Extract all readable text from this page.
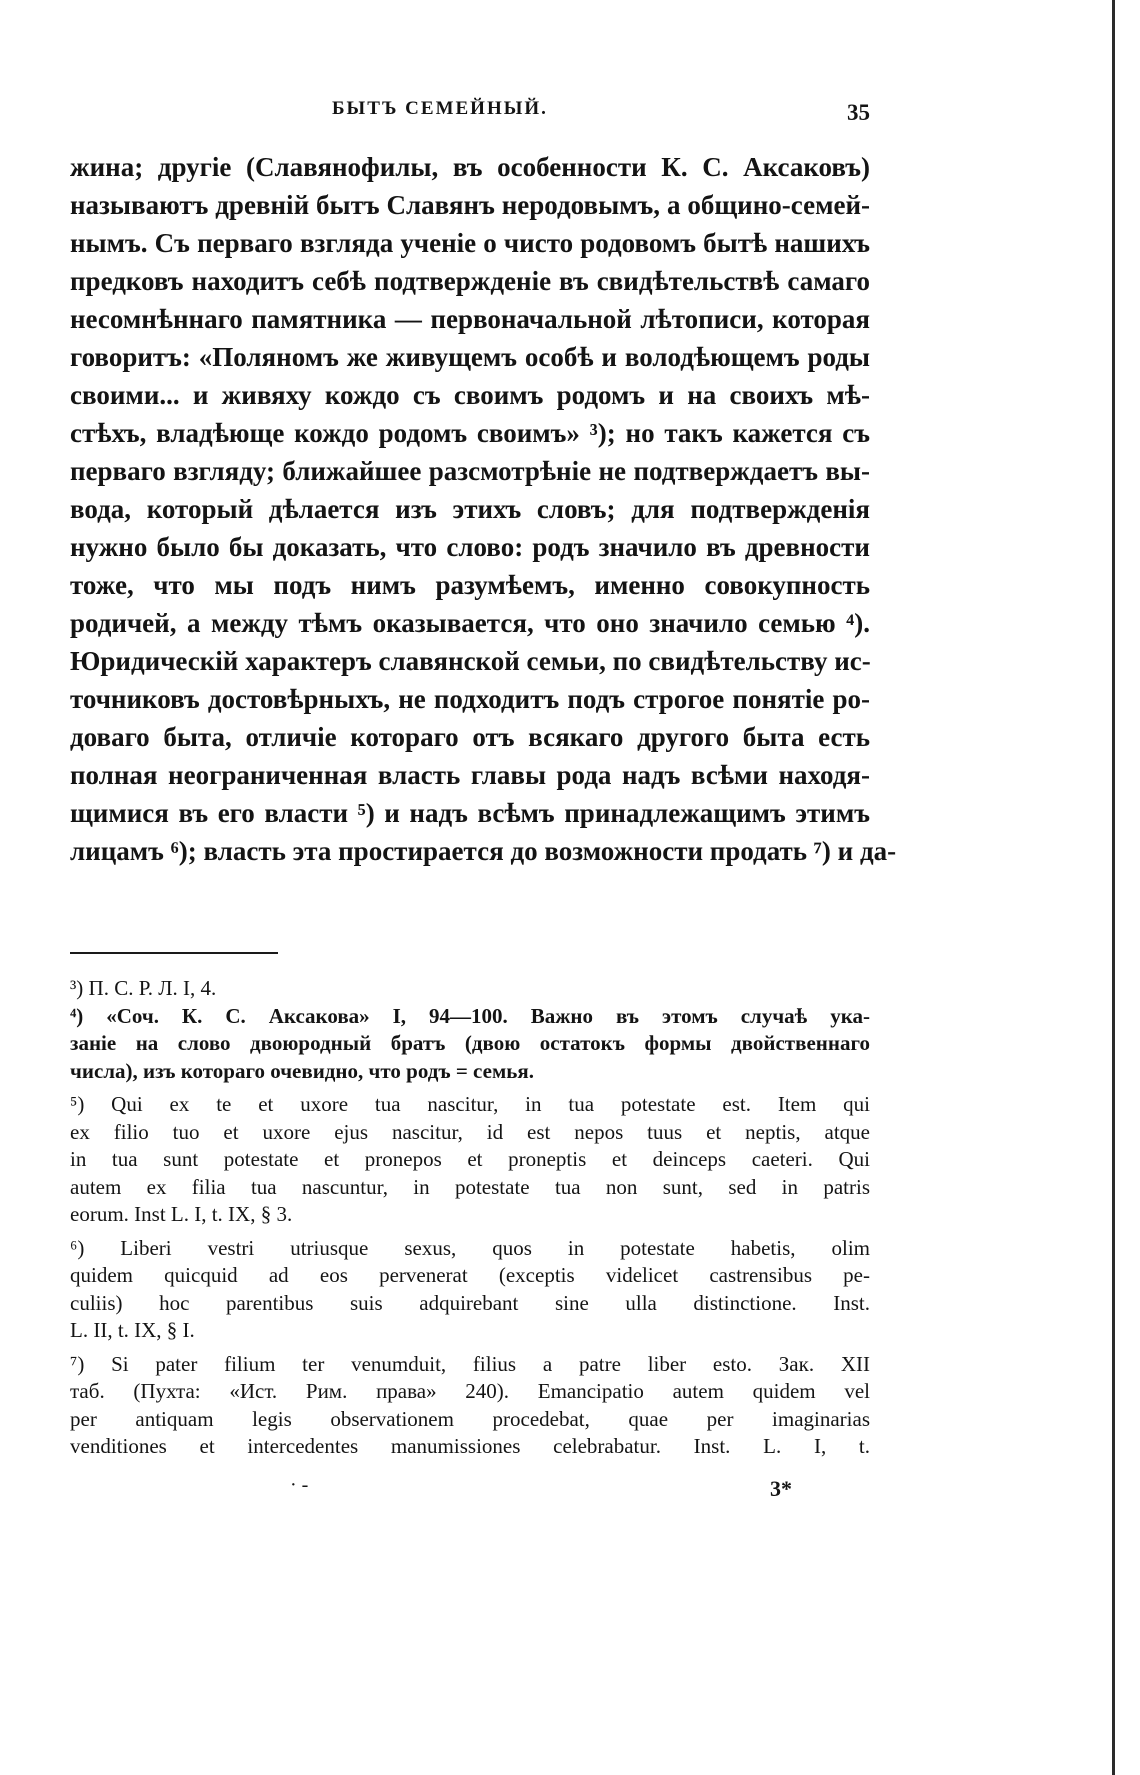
БЫТЪ СЕМЕЙНЫЙ.	35
жина; другіе (Славянофилы, въ особенности К. С. Аксаковъ)
называютъ древній бытъ Славянъ неродовымъ, а общино-семей-
нымъ. Съ перваго взгляда ученіе о чисто родовомъ бытѣ нашихъ
предковъ находитъ себѣ подтвержденіе въ свидѣтельствѣ самаго
несомнѣннаго памятника — первоначальной лѣтописи, которая
говоритъ: «Поляномъ же живущемъ особѣ и володѣющемъ роды
своими... и живяху кождо съ своимъ родомъ и на своихъ мѣ-
стѣхъ, владѣюще кождо родомъ своимъ» ³); но такъ кажется съ
перваго взгляду; ближайшее разсмотрѣніе не подтверждаетъ вы-
вода, который дѣлается изъ этихъ словъ; для подтвержденія
нужно было бы доказать, что слово: родъ значило въ древности
тоже, что мы подъ нимъ разумѣемъ, именно совокупность
родичей, а между тѣмъ оказывается, что оно значило семью ⁴).
Юридическій характеръ славянской семьи, по свидѣтельству ис-
точниковъ достовѣрныхъ, не подходитъ подъ строгое понятіе ро-
доваго быта, отличіе котораго отъ всякаго другого быта есть
полная неограниченная власть главы рода надъ всѣми находя-
щимися въ его власти ⁵) и надъ всѣмъ принадлежащимъ этимъ
лицамъ ⁶); власть эта простирается до возможности продать ⁷) и да-
³) П. С. Р. Л. I, 4.
⁴) «Соч. К. С. Аксакова» I, 94—100. Важно въ этомъ случаѣ ука-
заніе на слово двоюродный братъ (двою остатокъ формы двойственнаго
числа), изъ котораго очевидно, что родъ = семья.
⁵) Qui ex te et uxore tua nascitur, in tua potestate est. Item qui
ex filio tuo et uxore ejus nascitur, id est nepos tuus et neptis, atque
in tua sunt potestate et pronepos et proneptis et deinceps caeteri. Qui
autem ex filia tua nascuntur, in potestate tua non sunt, sed in patris
eorum. Inst L. I, t. IX, § 3.
⁶) Liberi vestri utriusque sexus, quos in potestate habetis, olim
quidem quicquid ad eos pervenerat (exceptis videlicet castrensibus pe-
culiis) hoc parentibus suis adquirebant sine ulla distinctione. Inst.
L. II, t. IX, § I.
⁷) Si pater filium ter venumduit, filius a patre liber esto. Зак. XII
таб. (Пухта: «Ист. Рим. права» 240). Emancipatio autem quidem vel
per antiquam legis observationem procedebat, quae per imaginarias
venditiones et intercedentes manumissiones celebrabatur. Inst. L. I, t.
· -	3*
